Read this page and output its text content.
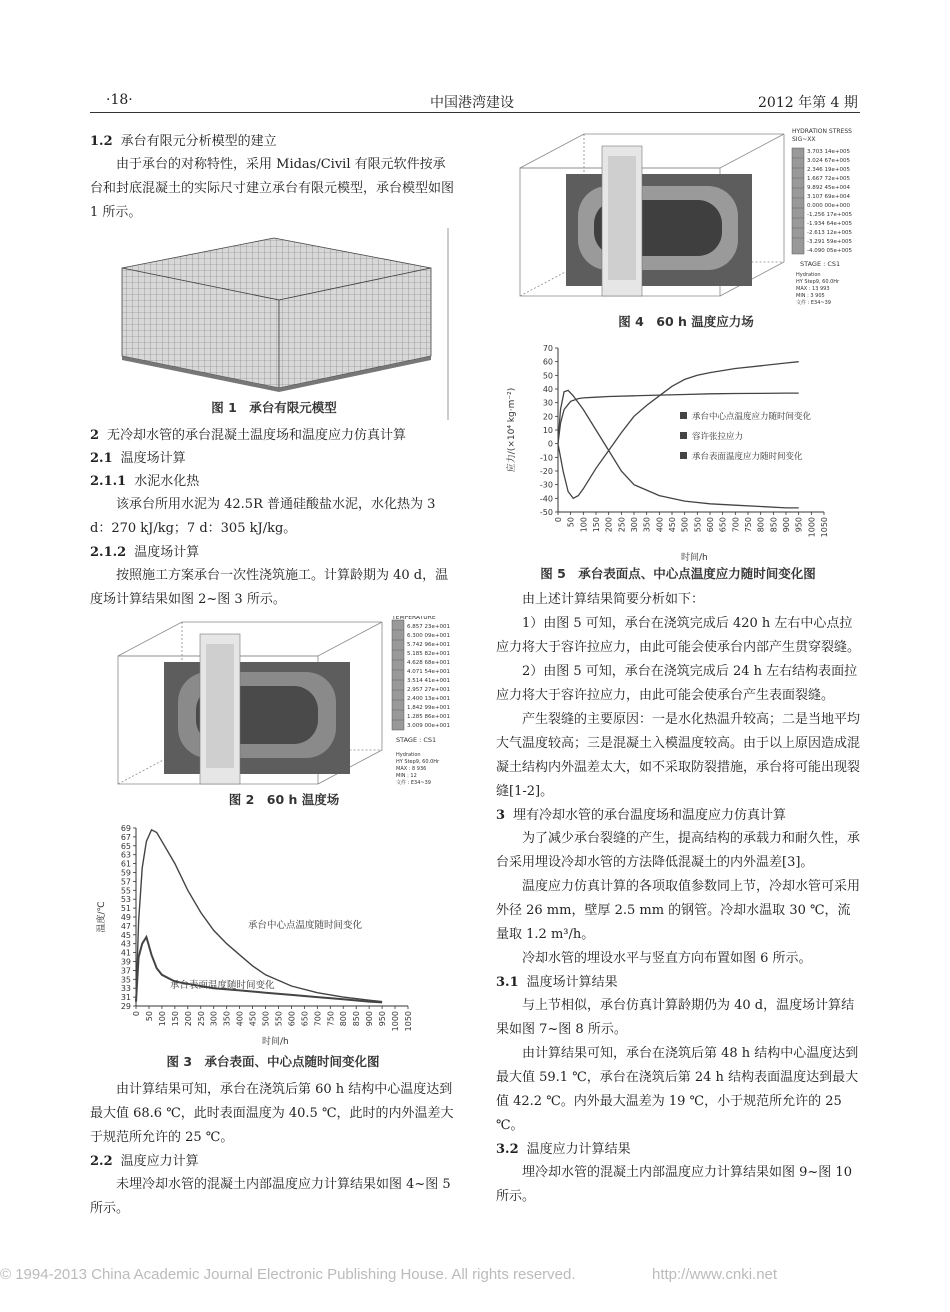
·18·	中国港湾建设	2012 年第 4 期

1.2 承台有限元分析模型的建立

由于承台的对称特性，采用 Midas/Civil 有限元软件按承台和封底混凝土的实际尺寸建立承台有限元模型，承台模型如图 1 所示。

图 1　承台有限元模型

2 无冷却水管的承台混凝土温度场和温度应力仿真计算

2.1 温度场计算

2.1.1 水泥水化热

该承台所用水泥为 42.5R 普通硅酸盐水泥，水化热为 3 d：270 kJ/kg；7 d：305 kJ/kg。

2.1.2 温度场计算

按照施工方案承台一次性浇筑施工。计算龄期为 40 d，温度场计算结果如图 2~图 3 所示。

TEMPERATURE
6.857 23e+001
6.300 09e+001
5.742 96e+001
5.185 82e+001
4.628 68e+001
4.071 54e+001
3.514 41e+001
2.957 27e+001
2.400 13e+001
1.842 99e+001
1.285 86e+001
3.009 00e+001
STAGE : CS1
Hydration
HY Step9, 60.0Hr
MAX : 8 936
MIN : 12
文件 : E34~39
图 2　60 h 温度场
29
31
33
35
37
39
41
43
45
47
49
51
53
55
57
59
61
63
65
67
69
0 50 100 150 200 250 300 350 400 450 500 550 600 650 700 750 800 850 900 950 1000 1050
时间/h
温度/℃	承台中心点温度随时间变化
承台表面温度随时间变化
图 3　承台表面、中心点随时间变化图

由计算结果可知，承台在浇筑后第 60 h 结构中心温度达到最大值 68.6 ℃，此时表面温度为 40.5 ℃，此时的内外温差大于规范所允许的 25 ℃。

2.2 温度应力计算

未埋冷却水管的混凝土内部温度应力计算结果如图 4~图 5 所示。

HYDRATION STRESS
SIG~XX
3.703 14e+005
3.024 67e+005
2.346 19e+005
1.667 72e+005
9.892 45e+004
3.107 69e+004
0.000 00e+000
-1.256 17e+005
-1.934 64e+005
-2.613 12e+005
-3.291 59e+005
-4.090 05e+005
STAGE : CS1
Hydration
HY Step9, 60.0Hr
MAX : 13 993
MIN : 3 905
文件 : E34~39
图 4　60 h 温度应力场
-50
-40
-30
-20
-10
0
10
20
30
40
50
60
70
0 50 100 150 200 250 300 350 400 450 500 550 600 650 700 750 800 850 900 950 1000 1050
时间/h
应力/(×10⁴ kg·m⁻²)	承台中心点温度应力随时间变化
容许张拉应力
承台表面温度应力随时间变化
图 5　承台表面点、中心点温度应力随时间变化图

由上述计算结果简要分析如下：

1）由图 5 可知，承台在浇筑完成后 420 h 左右中心点拉应力将大于容许拉应力，由此可能会使承台内部产生贯穿裂缝。

2）由图 5 可知，承台在浇筑完成后 24 h 左右结构表面拉应力将大于容许拉应力，由此可能会使承台产生表面裂缝。

产生裂缝的主要原因：一是水化热温升较高；二是当地平均大气温度较高；三是混凝土入模温度较高。由于以上原因造成混凝土结构内外温差太大，如不采取防裂措施，承台将可能出现裂缝[1-2]。

3 埋有冷却水管的承台温度场和温度应力仿真计算

为了减少承台裂缝的产生，提高结构的承载力和耐久性，承台采用埋设冷却水管的方法降低混凝土的内外温差[3]。

温度应力仿真计算的各项取值参数同上节，冷却水管可采用外径 26 mm，壁厚 2.5 mm 的钢管。冷却水温取 30 ℃，流量取 1.2 m³/h。

冷却水管的埋设水平与竖直方向布置如图 6 所示。

3.1 温度场计算结果

与上节相似，承台仿真计算龄期仍为 40 d，温度场计算结果如图 7~图 8 所示。

由计算结果可知，承台在浇筑后第 48 h 结构中心温度达到最大值 59.1 ℃，承台在浇筑后第 24 h 结构表面温度达到最大值 42.2 ℃。内外最大温差为 19 ℃，小于规范所允许的 25 ℃。

3.2 温度应力计算结果

埋冷却水管的混凝土内部温度应力计算结果如图 9~图 10 所示。

© 1994-2013 China Academic Journal Electronic Publishing House. All rights reserved.	http://www.cnki.net
